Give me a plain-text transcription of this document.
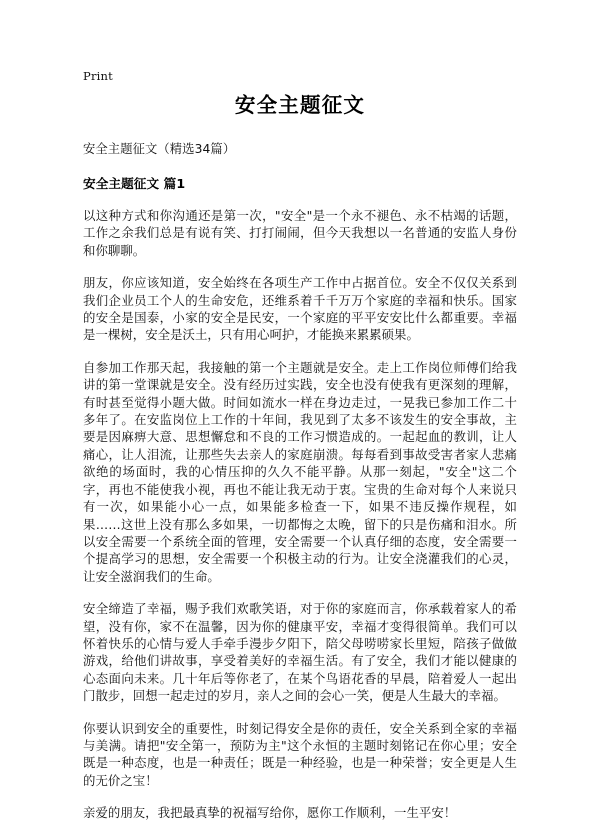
Print
安全主题征文

安全主题征文（精选34篇）

安全主题征文 篇1

以这种方式和你沟通还是第一次，"安全"是一个永不褪色、永不枯竭的话题，工作之余我们总是有说有笑、打打闹闹，但今天我想以一名普通的安监人身份和你聊聊。

朋友，你应该知道，安全始终在各项生产工作中占据首位。安全不仅仅关系到我们企业员工个人的生命安危，还维系着千千万万个家庭的幸福和快乐。国家的安全是国泰，小家的安全是民安，一个家庭的平平安安比什么都重要。幸福是一棵树，安全是沃土，只有用心呵护，才能换来累累硕果。

自参加工作那天起，我接触的第一个主题就是安全。走上工作岗位师傅们给我讲的第一堂课就是安全。没有经历过实践，安全也没有使我有更深刻的理解，有时甚至觉得小题大做。时间如流水一样在身边走过，一晃我已参加工作二十多年了。在安监岗位上工作的十年间，我见到了太多不该发生的安全事故，主要是因麻痹大意、思想懈怠和不良的工作习惯造成的。一起起血的教训，让人痛心，让人泪流，让那些失去亲人的家庭崩溃。每每看到事故受害者家人悲痛欲绝的场面时，我的心情压抑的久久不能平静。从那一刻起，"安全"这二个字，再也不能使我小视，再也不能让我无动于衷。宝贵的生命对每个人来说只有一次，如果能小心一点，如果能多检查一下，如果不违反操作规程，如果……这世上没有那么多如果，一切都悔之太晚，留下的只是伤痛和泪水。所以安全需要一个系统全面的管理，安全需要一个认真仔细的态度，安全需要一个提高学习的思想，安全需要一个积极主动的行为。让安全浇灌我们的心灵，让安全滋润我们的生命。

安全缔造了幸福，赐予我们欢歌笑语，对于你的家庭而言，你承载着家人的希望，没有你，家不在温馨，因为你的健康平安，幸福才变得很简单。我们可以怀着快乐的心情与爱人手牵手漫步夕阳下，陪父母唠唠家长里短，陪孩子做做游戏，给他们讲故事，享受着美好的幸福生活。有了安全，我们才能以健康的心态面向未来。几十年后等你老了，在某个鸟语花香的早晨，陪着爱人一起出门散步，回想一起走过的岁月，亲人之间的会心一笑，便是人生最大的幸福。

你要认识到安全的重要性，时刻记得安全是你的责任，安全关系到全家的幸福与美满。请把"安全第一，预防为主"这个永恒的主题时刻铭记在你心里；安全既是一种态度，也是一种责任；既是一种经验，也是一种荣誉；安全更是人生的无价之宝！

亲爱的朋友，我把最真挚的祝福写给你，愿你工作顺利，一生平安！
